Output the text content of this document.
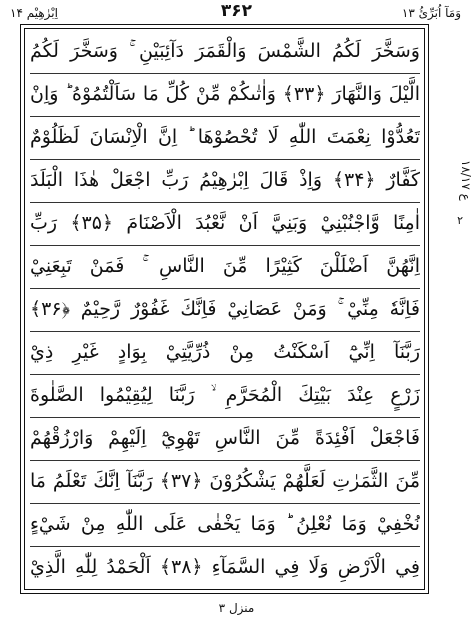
اِبْرٰهِيْم ۱۴	۳۶۲	وَمَآ اُبَرِّئُ ۱۳
وَسَخَّرَ لَكُمُ الشَّمْسَ وَالْقَمَرَ دَآئِبَيْنِ ۚ وَسَخَّرَ لَكُمُ
الَّيْلَ وَالنَّهَارَ ﴿۳۳﴾ وَاٰتٰىكُمْ مِّنْ كُلِّ مَا سَاَلْتُمُوْهُ ؕ وَاِنْ
تَعُدُّوْا نِعْمَتَ اللّٰهِ لَا تُحْصُوْهَا ؕ اِنَّ الْاِنْسَانَ لَظَلُوْمٌ
كَفَّارٌ ﴿۳۴﴾ وَاِذْ قَالَ اِبْرٰهِيْمُ رَبِّ اجْعَلْ هٰذَا الْبَلَدَ
اٰمِنًا وَّاجْنُبْنِيْ وَبَنِيَّ اَنْ نَّعْبُدَ الْاَصْنَامَ ﴿۳۵﴾ رَبِّ
اِنَّهُنَّ اَضْلَلْنَ كَثِيْرًا مِّنَ النَّاسِ ۚ فَمَنْ تَبِعَنِيْ
فَاِنَّهٗ مِنِّيْ ۚ وَمَنْ عَصَانِيْ فَاِنَّكَ غَفُوْرٌ رَّحِيْمٌ ﴿۳۶﴾
رَبَّنَآ اِنِّيْٓ اَسْكَنْتُ مِنْ ذُرِّيَّتِيْ بِوَادٍ غَيْرِ ذِيْ
زَرْعٍ عِنْدَ بَيْتِكَ الْمُحَرَّمِ ۙ رَبَّنَا لِيُقِيْمُوا الصَّلٰوةَ
فَاجْعَلْ اَفْئِدَةً مِّنَ النَّاسِ تَهْوِيْٓ اِلَيْهِمْ وَارْزُقْهُمْ
مِّنَ الثَّمَرٰتِ لَعَلَّهُمْ يَشْكُرُوْنَ ﴿۳۷﴾ رَبَّنَآ اِنَّكَ تَعْلَمُ مَا
نُخْفِيْ وَمَا نُعْلِنُ ؕ وَمَا يَخْفٰى عَلَى اللّٰهِ مِنْ شَيْءٍ
فِي الْاَرْضِ وَلَا فِي السَّمَآءِ ﴿۳۸﴾ اَلْحَمْدُ لِلّٰهِ الَّذِيْ
ع ۱۸/۱۷
۲
منزل ۳
